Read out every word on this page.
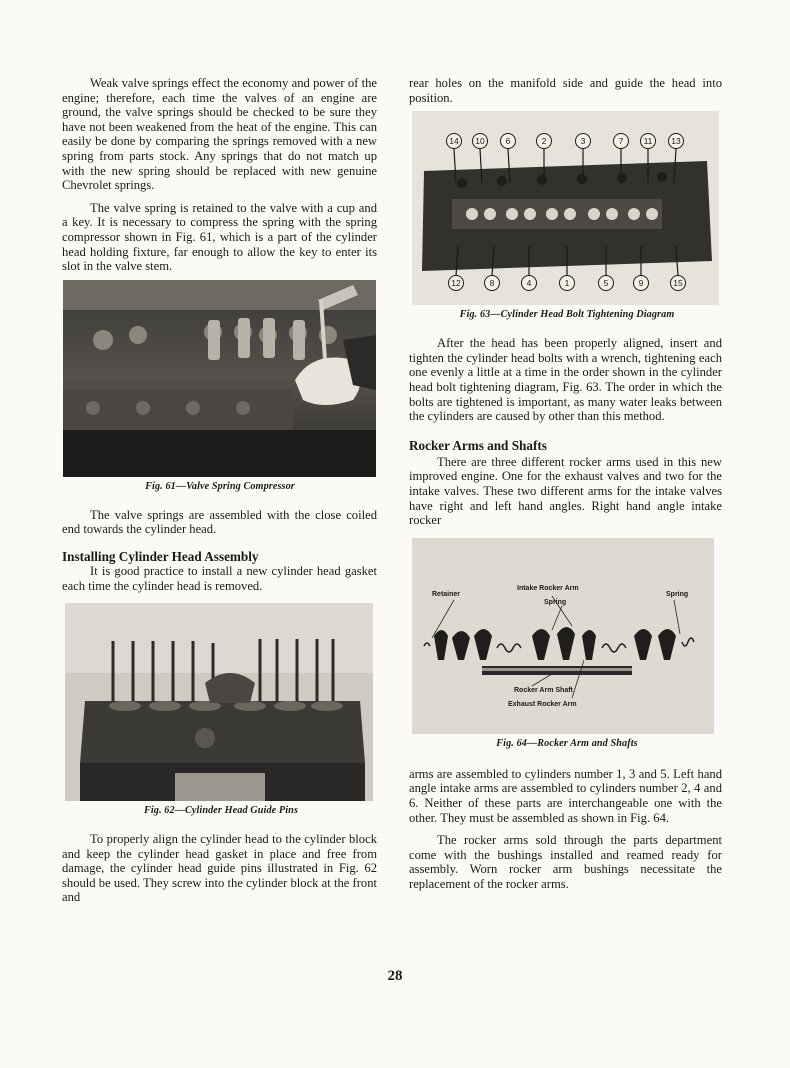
Weak valve springs effect the economy and power of the engine; therefore, each time the valves of an engine are ground, the valve springs should be checked to be sure they have not been weakened from the heat of the engine. This can easily be done by comparing the springs removed with a new spring from parts stock. Any springs that do not match up with the new spring should be replaced with new genuine Chevrolet springs.

The valve spring is retained to the valve with a cup and a key. It is necessary to compress the spring with the spring compressor shown in Fig. 61, which is a part of the cylinder head holding fixture, far enough to allow the key to enter its slot in the valve stem.

Fig. 61—Valve Spring Compressor

The valve springs are assembled with the close coiled end towards the cylinder head.

Installing Cylinder Head Assembly

It is good practice to install a new cylinder head gasket each time the cylinder head is removed.

Fig. 62—Cylinder Head Guide Pins

To properly align the cylinder head to the cylinder block and keep the cylinder head gasket in place and free from damage, the cylinder head guide pins illustrated in Fig. 62 should be used. They screw into the cylinder block at the front and

rear holes on the manifold side and guide the head into position.

14 10 6	2	3	7 11 13
12	8	4	1	5	9	15
Fig. 63—Cylinder Head Bolt Tightening Diagram

After the head has been properly aligned, insert and tighten the cylinder head bolts with a wrench, tightening each one evenly a little at a time in the order shown in the cylinder head bolt tightening diagram, Fig. 63. The order in which the bolts are tightened is important, as many water leaks between the cylinders are caused by other than this method.

Rocker Arms and Shafts

There are three different rocker arms used in this new improved engine. One for the exhaust valves and two for the intake valves. These two different arms for the intake valves have right and left hand angles. Right hand angle intake rocker

Retainer
Intake Rocker Arm
Spring
Spring
Rocker Arm Shaft
Exhaust Rocker Arm
Fig. 64—Rocker Arm and Shafts

arms are assembled to cylinders number 1, 3 and 5. Left hand angle intake arms are assembled to cylinders number 2, 4 and 6. Neither of these parts are interchangeable one with the other. They must be assembled as shown in Fig. 64.

The rocker arms sold through the parts department come with the bushings installed and reamed ready for assembly. Worn rocker arm bushings necessitate the replacement of the rocker arms.

28
